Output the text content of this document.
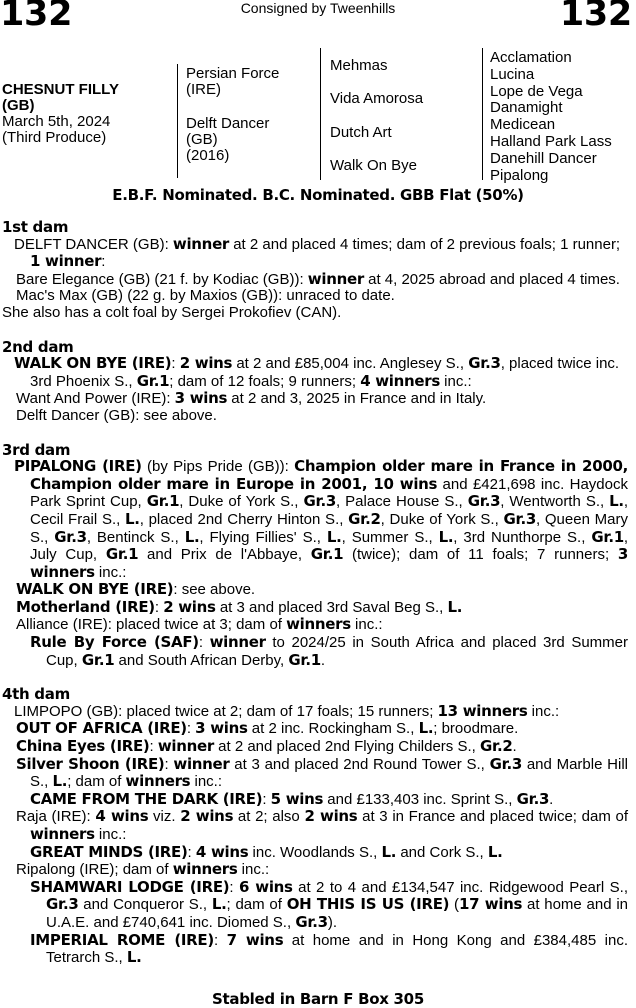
132	Consigned by Tweenhills	132
CHESNUT FILLY
(GB)
March 5th, 2024
(Third Produce)
Persian Force
(IRE)
Delft Dancer
(GB)
(2016)
Mehmas
Vida Amorosa
Dutch Art
Walk On Bye
Acclamation
Lucina
Lope de Vega
Danamight
Medicean
Halland Park Lass
Danehill Dancer
Pipalong
E.B.F. Nominated. B.C. Nominated. GBB Flat (50%)
1st dam

DELFT DANCER (GB): winner at 2 and placed 4 times; dam of 2 previous foals; 1 runner; 1 winner:

Bare Elegance (GB) (21 f. by Kodiac (GB)): winner at 4, 2025 abroad and placed 4 times.

Mac's Max (GB) (22 g. by Maxios (GB)): unraced to date.

She also has a colt foal by Sergei Prokofiev (CAN).

2nd dam

WALK ON BYE (IRE): 2 wins at 2 and £85,004 inc. Anglesey S., Gr.3, placed twice inc. 3rd Phoenix S., Gr.1; dam of 12 foals; 9 runners; 4 winners inc.:

Want And Power (IRE): 3 wins at 2 and 3, 2025 in France and in Italy.

Delft Dancer (GB): see above.

3rd dam

PIPALONG (IRE) (by Pips Pride (GB)): Champion older mare in France in 2000, Champion older mare in Europe in 2001, 10 wins and £421,698 inc. Haydock Park Sprint Cup, Gr.1, Duke of York S., Gr.3, Palace House S., Gr.3, Wentworth S., L., Cecil Frail S., L., placed 2nd Cherry Hinton S., Gr.2, Duke of York S., Gr.3, Queen Mary S., Gr.3, Bentinck S., L., Flying Fillies' S., L., Summer S., L., 3rd Nunthorpe S., Gr.1, July Cup, Gr.1 and Prix de l'Abbaye, Gr.1 (twice); dam of 11 foals; 7 runners; 3 winners inc.:

WALK ON BYE (IRE): see above.

Motherland (IRE): 2 wins at 3 and placed 3rd Saval Beg S., L.

Alliance (IRE): placed twice at 3; dam of winners inc.:

Rule By Force (SAF): winner to 2024/25 in South Africa and placed 3rd Summer Cup, Gr.1 and South African Derby, Gr.1.

4th dam

LIMPOPO (GB): placed twice at 2; dam of 17 foals; 15 runners; 13 winners inc.:

OUT OF AFRICA (IRE): 3 wins at 2 inc. Rockingham S., L.; broodmare.

China Eyes (IRE): winner at 2 and placed 2nd Flying Childers S., Gr.2.

Silver Shoon (IRE): winner at 3 and placed 2nd Round Tower S., Gr.3 and Marble Hill S., L.; dam of winners inc.:

CAME FROM THE DARK (IRE): 5 wins and £133,403 inc. Sprint S., Gr.3.

Raja (IRE): 4 wins viz. 2 wins at 2; also 2 wins at 3 in France and placed twice; dam of winners inc.:

GREAT MINDS (IRE): 4 wins inc. Woodlands S., L. and Cork S., L.

Ripalong (IRE); dam of winners inc.:

SHAMWARI LODGE (IRE): 6 wins at 2 to 4 and £134,547 inc. Ridgewood Pearl S., Gr.3 and Conqueror S., L.; dam of OH THIS IS US (IRE) (17 wins at home and in U.A.E. and £740,641 inc. Diomed S., Gr.3).

IMPERIAL ROME (IRE): 7 wins at home and in Hong Kong and £384,485 inc. Tetrarch S., L.

Stabled in Barn F Box 305
